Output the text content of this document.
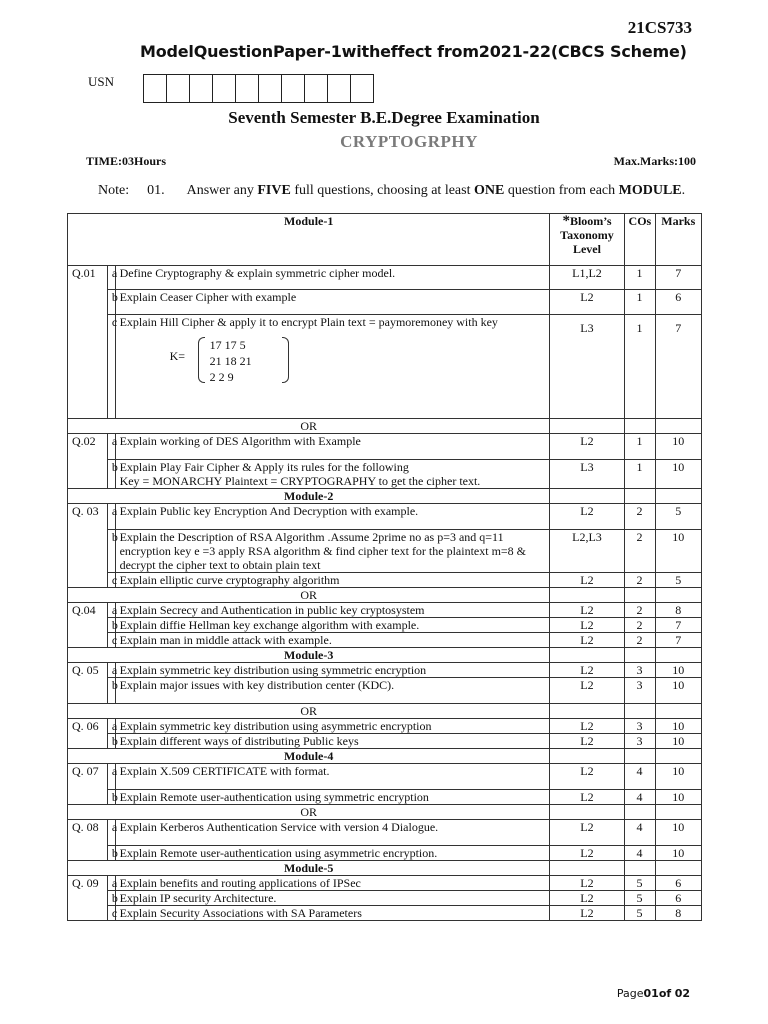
21CS733
ModelQuestionPaper-1witheffect from2021-22(CBCS Scheme)
USN
Seventh Semester B.E.Degree Examination
CRYPTOGRPHY
TIME:03Hours	Max.Marks:100
Note: 01. Answer any FIVE full questions, choosing at least ONE question from each MODULE.
Module-1			*Bloom’s
Taxonomy
Level	COs	Marks
Q.01	a	Define Cryptography & explain symmetric cipher model.	L1,L2	1	7
	b	Explain Ceaser Cipher with example	L2	1	6
	c	Explain Hill Cipher & apply it to encrypt Plain text = paymoremoney with key
K=
17 17 5
21 18 21
2 2 9	L3	1	7
OR					
Q.02	a	Explain working of DES Algorithm with Example	L2	1	10
	b	Explain Play Fair Cipher & Apply its rules for the following
Key = MONARCHY Plaintext = CRYPTOGRAPHY to get the cipher text.	L3	1	10
Module-2					
Q. 03	a	Explain Public key Encryption And Decryption with example.	L2	2	5
	b	Explain the Description of RSA Algorithm .Assume 2prime no as p=3 and q=11 encryption key e =3 apply RSA algorithm & find cipher text for the plaintext m=8 & decrypt the cipher text to obtain plain text	L2,L3	2	10
	c	Explain elliptic curve cryptography algorithm	L2	2	5
OR					
Q.04	a	Explain Secrecy and Authentication in public key cryptosystem	L2	2	8
	b	Explain diffie Hellman key exchange algorithm with example.	L2	2	7
	c	Explain man in middle attack with example.	L2	2	7
Module-3					
Q. 05	a	Explain symmetric key distribution using symmetric encryption	L2	3	10
	b	Explain major issues with key distribution center (KDC).	L2	3	10
OR					
Q. 06	a	Explain symmetric key distribution using asymmetric encryption	L2	3	10
	b	Explain different ways of distributing Public keys	L2	3	10
Module-4					
Q. 07	a	Explain X.509 CERTIFICATE with format.	L2	4	10
	b	Explain Remote user-authentication using symmetric encryption	L2	4	10
OR					
Q. 08	a	Explain Kerberos Authentication Service with version 4 Dialogue.	L2	4	10
	b	Explain Remote user-authentication using asymmetric encryption.	L2	4	10
Module-5					
Q. 09	a	Explain benefits and routing applications of IPSec	L2	5	6
	b	Explain IP security Architecture.	L2	5	6
	c	Explain Security Associations with SA Parameters	L2	5	8
Page01of 02
